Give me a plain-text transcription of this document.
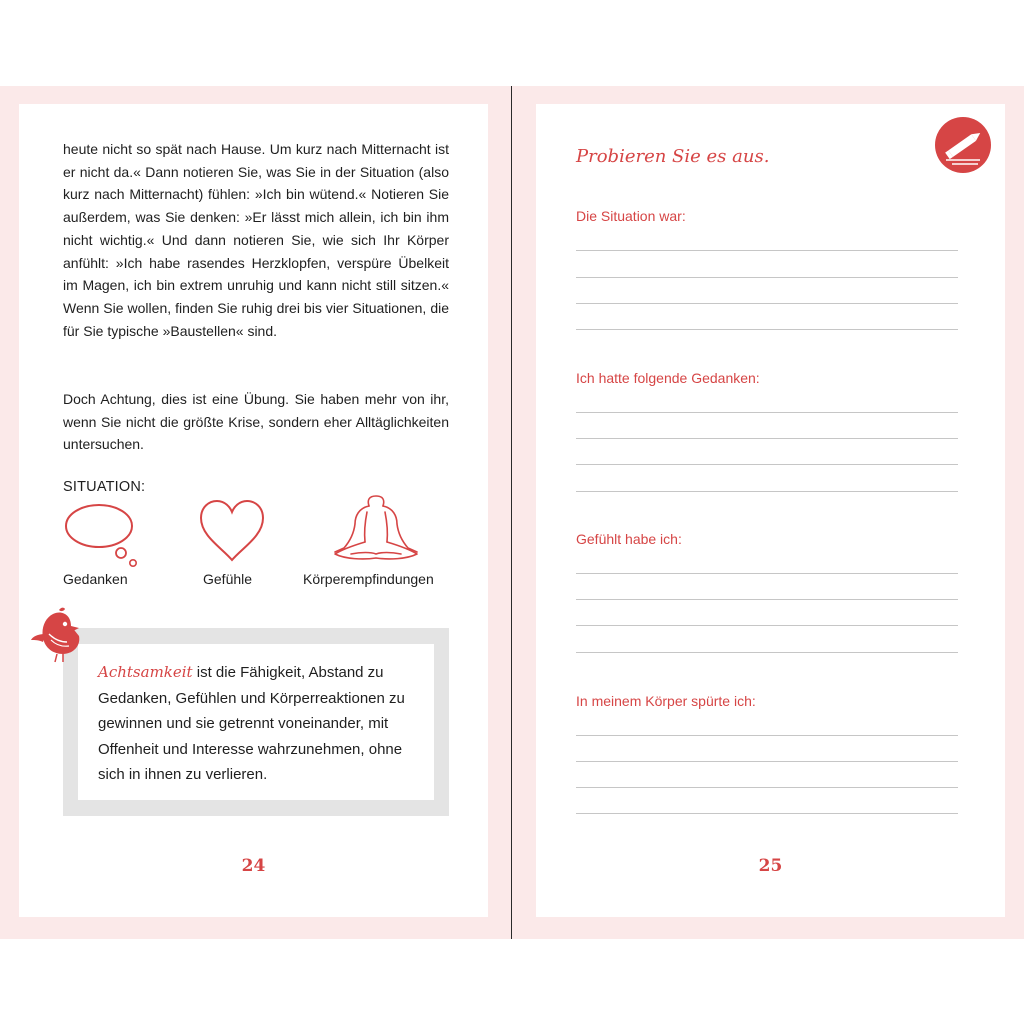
heute nicht so spät nach Hause. Um kurz nach Mitternacht ist er nicht da.« Dann notieren Sie, was Sie in der Situation (also kurz nach Mitternacht) fühlen: »Ich bin wütend.« Notieren Sie außerdem, was Sie denken: »Er lässt mich allein, ich bin ihm nicht wichtig.« Und dann notieren Sie, wie sich Ihr Körper anfühlt: »Ich habe rasendes Herzklopfen, verspüre Übelkeit im Magen, ich bin extrem unruhig und kann nicht still sitzen.« Wenn Sie wollen, finden Sie ruhig drei bis vier Situationen, die für Sie typische »Baustellen« sind.

Doch Achtung, dies ist eine Übung. Sie haben mehr von ihr, wenn Sie nicht die größte Krise, sondern eher Alltäglichkeiten untersuchen.

SITUATION:
Gedanken	Gefühle	Körperempfindungen

Achtsamkeit ist die Fähigkeit, Abstand zu Gedanken, Gefühlen und Körperreaktionen zu gewinnen und sie getrennt voneinander, mit Offenheit und Interesse wahrzunehmen, ohne sich in ihnen zu verlieren.

24
Probieren Sie es aus.
Die Situation war:
Ich hatte folgende Gedanken:
Gefühlt habe ich:
In meinem Körper spürte ich:
25
